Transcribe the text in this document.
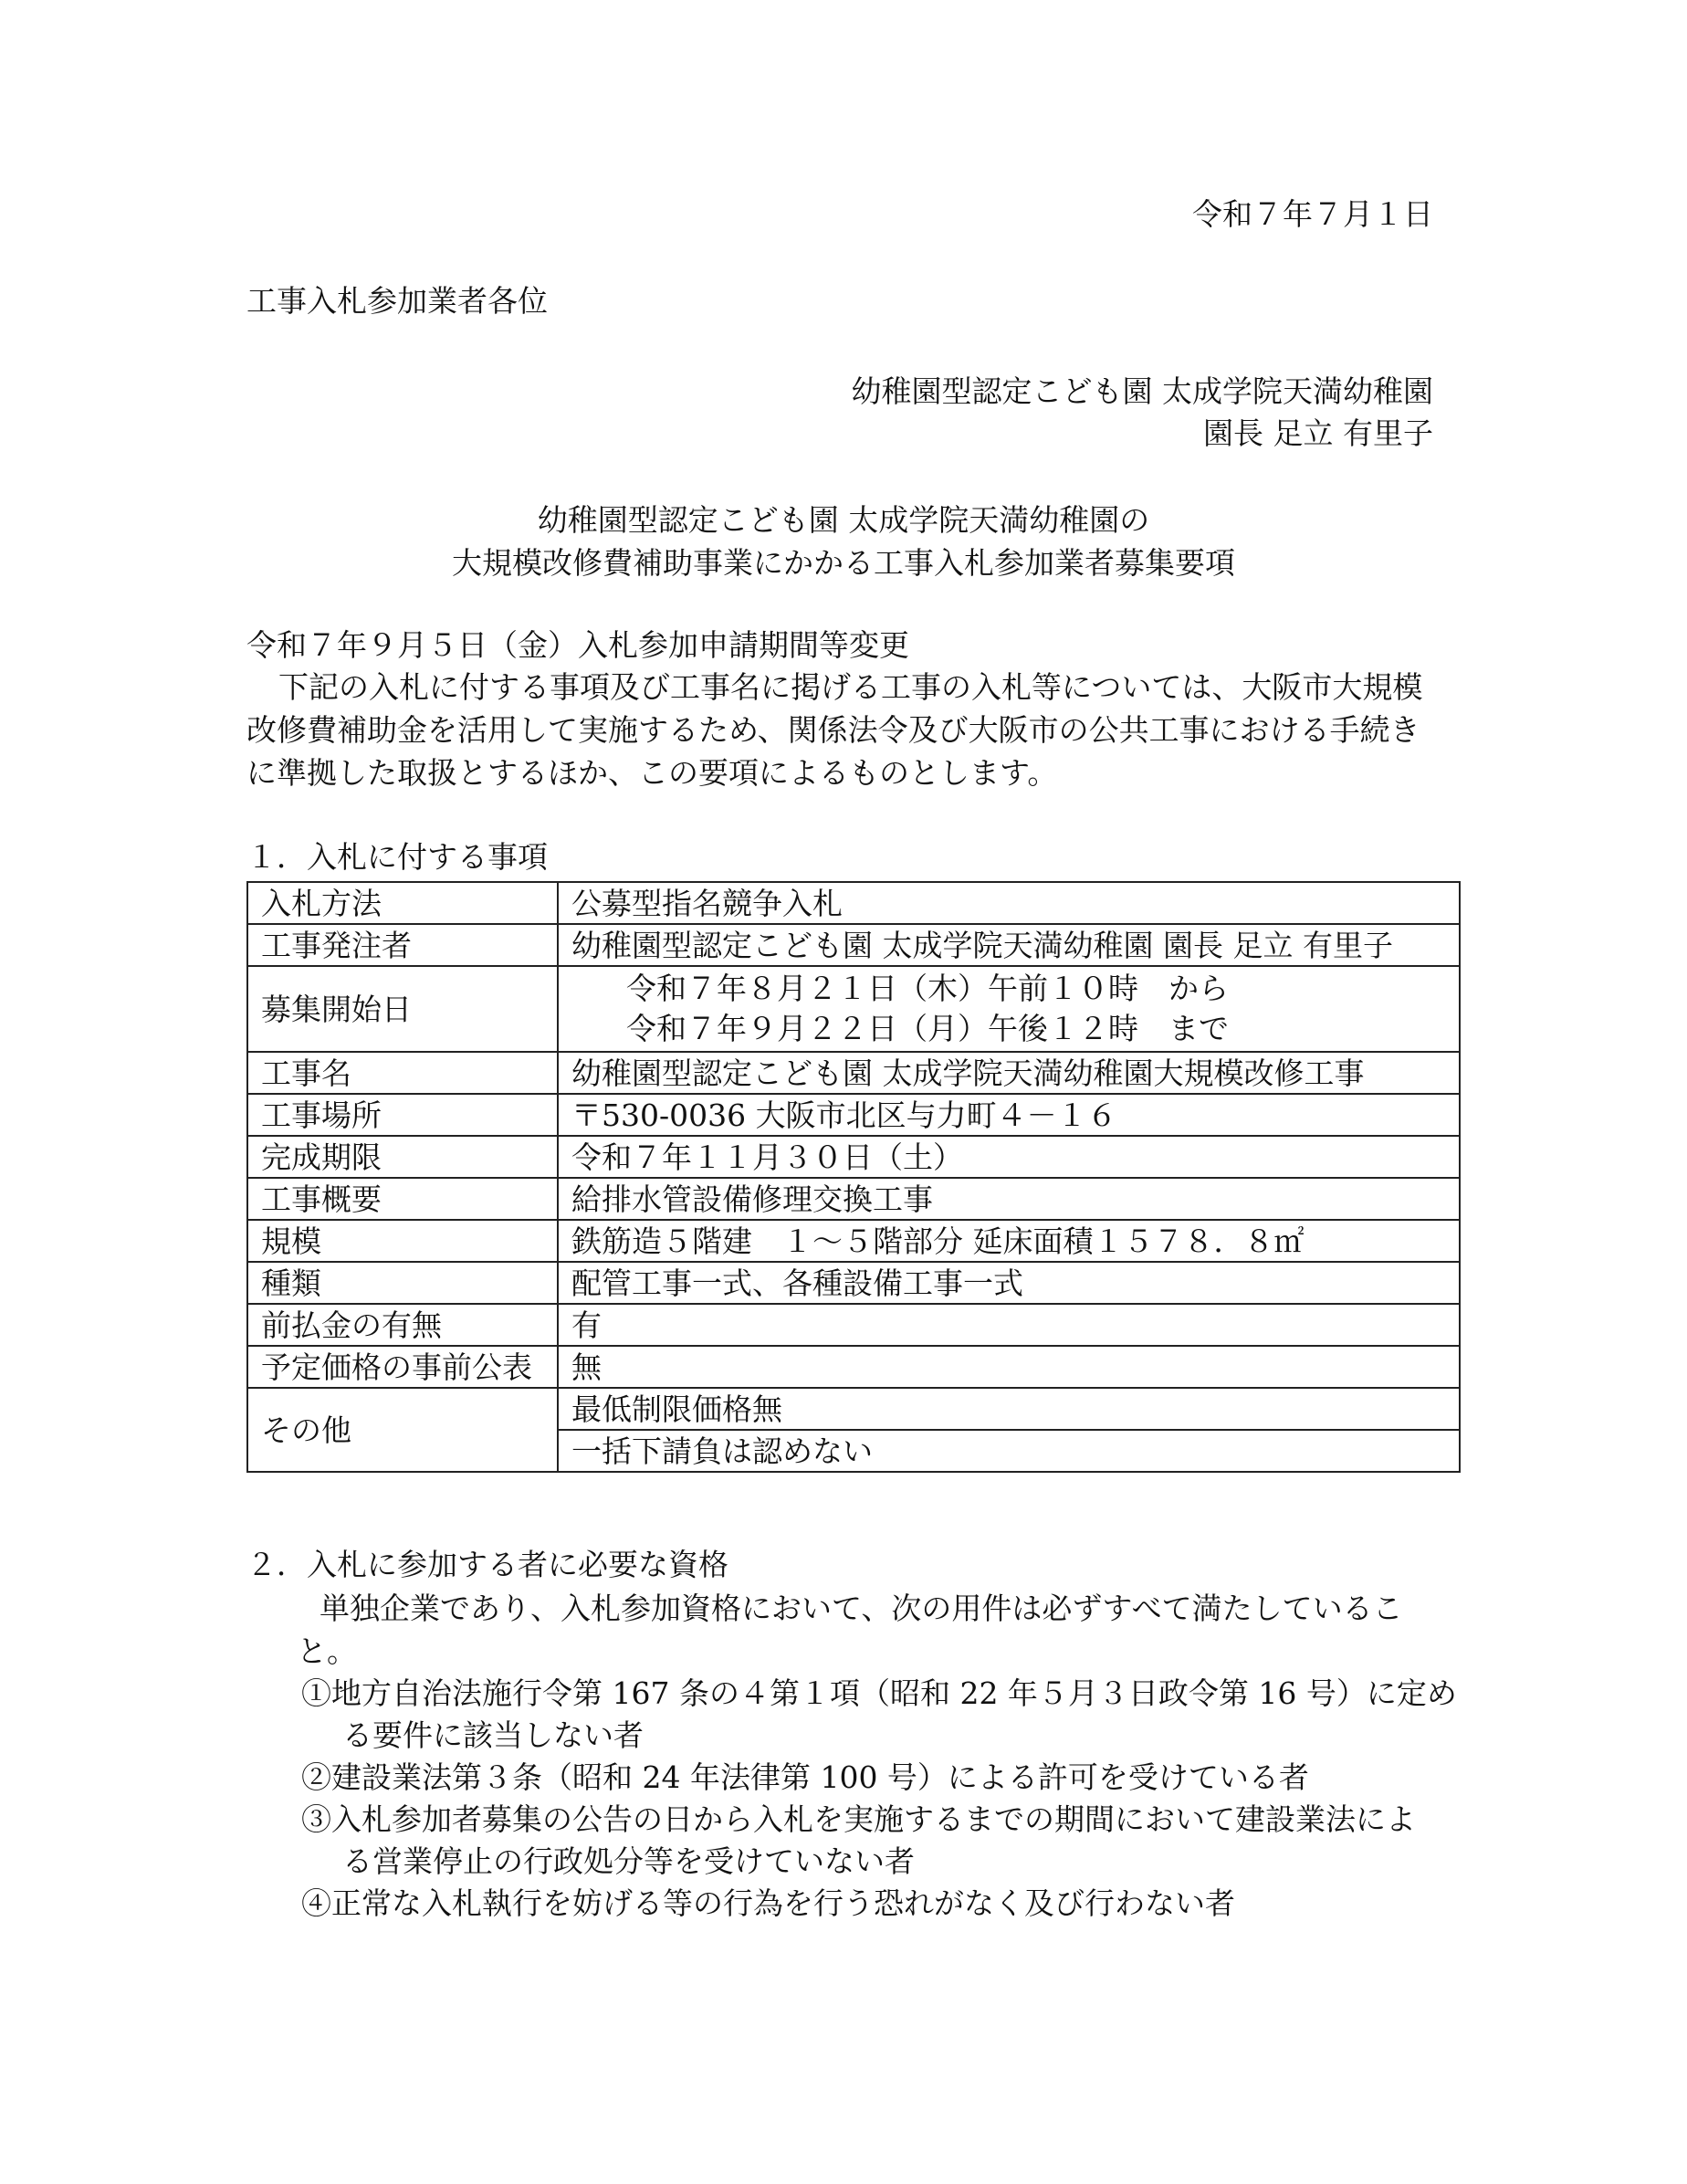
令和７年７月１日
工事入札参加業者各位
幼稚園型認定こども園 太成学院天満幼稚園
園長 足立 有里子
幼稚園型認定こども園 太成学院天満幼稚園の
大規模改修費補助事業にかかる工事入札参加業者募集要項
令和７年９月５日（金）入札参加申請期間等変更
下記の入札に付する事項及び工事名に掲げる工事の入札等については、大阪市大規模
改修費補助金を活用して実施するため、関係法令及び大阪市の公共工事における手続き
に準拠した取扱とするほか、この要項によるものとします。
１．入札に付する事項
入札方法	公募型指名競争入札
工事発注者	幼稚園型認定こども園 太成学院天満幼稚園 園長 足立 有里子
募集開始日	令和７年８月２１日（木）午前１０時　から
令和７年９月２２日（月）午後１２時　まで

工事名	幼稚園型認定こども園 太成学院天満幼稚園大規模改修工事
工事場所	〒530-0036 大阪市北区与力町４－１６
完成期限	令和７年１１月３０日（土）
工事概要	給排水管設備修理交換工事
規模	鉄筋造５階建　１～５階部分 延床面積１５７８．８㎡
種類	配管工事一式、各種設備工事一式
前払金の有無	有
予定価格の事前公表	無
その他	最低制限価格無
	一括下請負は認めない
２．入札に参加する者に必要な資格
単独企業であり、入札参加資格において、次の用件は必ずすべて満たしているこ
と。
①地方自治法施行令第 167 条の４第１項（昭和 22 年５月３日政令第 16 号）に定め
る要件に該当しない者
②建設業法第３条（昭和 24 年法律第 100 号）による許可を受けている者
③入札参加者募集の公告の日から入札を実施するまでの期間において建設業法によ
る営業停止の行政処分等を受けていない者
④正常な入札執行を妨げる等の行為を行う恐れがなく及び行わない者
